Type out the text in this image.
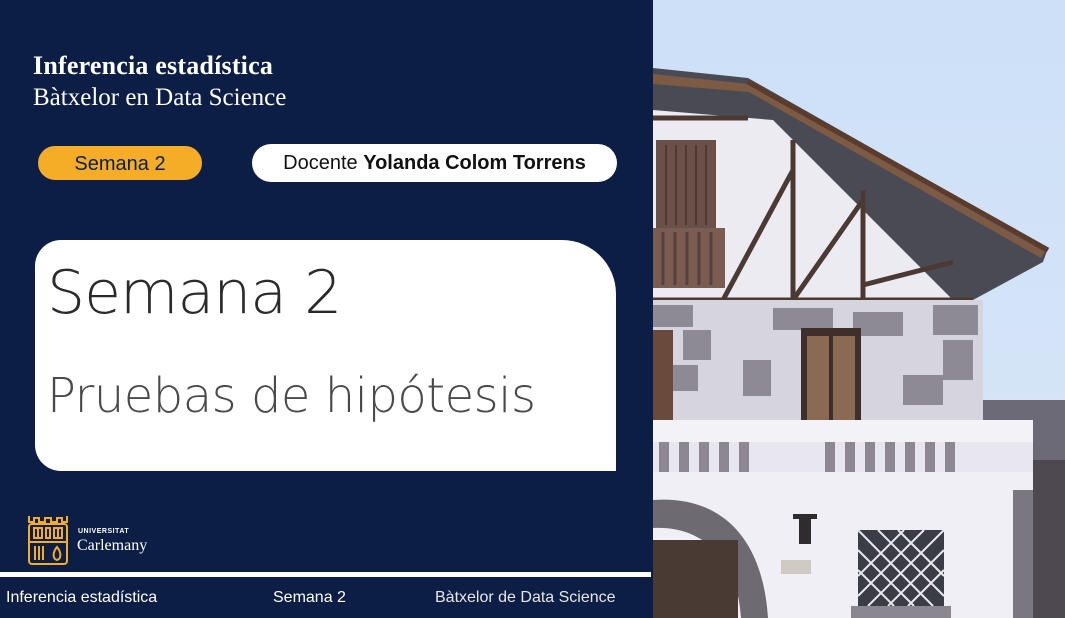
Inferencia estadística
Bàtxelor en Data Science
Semana 2	Docente Yolanda Colom Torrens
Semana 2
Pruebas de hipótesis
UNIVERSITAT
Carlemany
Inferencia estadística	Semana 2	Bàtxelor de Data Science
